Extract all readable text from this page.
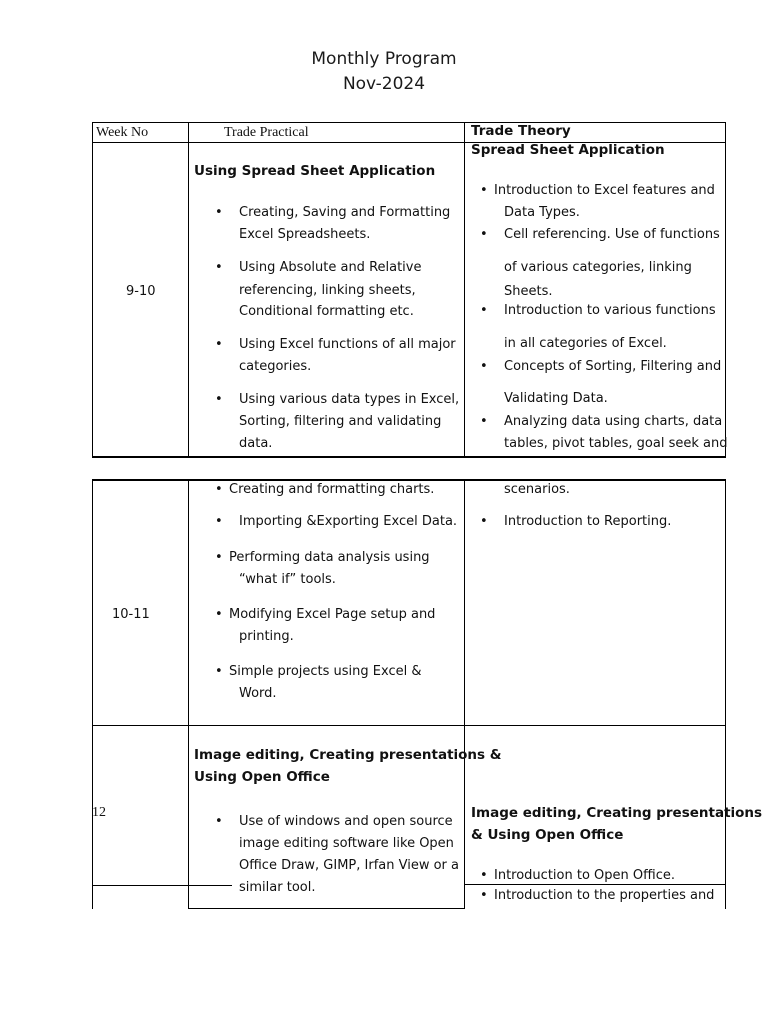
Monthly Program
Nov-2024
Week No	Trade Practical	Trade Theory
9-10
Using Spread Sheet Application
• Creating, Saving and Formatting
Excel Spreadsheets.
• Using Absolute and Relative
referencing, linking sheets,
Conditional formatting etc.
• Using Excel functions of all major
categories.
• Using various data types in Excel,
Sorting, filtering and validating
data.
Spread Sheet Application
• Introduction to Excel features and
Data Types.
• Cell referencing. Use of functions
of various categories, linking
Sheets.
• Introduction to various functions
in all categories of Excel.
• Concepts of Sorting, Filtering and
Validating Data.
• Analyzing data using charts, data
tables, pivot tables, goal seek and
scenarios.
• Introduction to Reporting.
10-11
• Creating and formatting charts.
• Importing &Exporting Excel Data.
• Performing data analysis using
“what if” tools.
• Modifying Excel Page setup and
printing.
• Simple projects using Excel &
Word.
12
Image editing, Creating presentations &
Using Open Office
• Use of windows and open source
image editing software like Open
Office Draw, GIMP, Irfan View or a
similar tool.
Image editing, Creating presentations
& Using Open Office
• Introduction to Open Office.
• Introduction to the properties and
